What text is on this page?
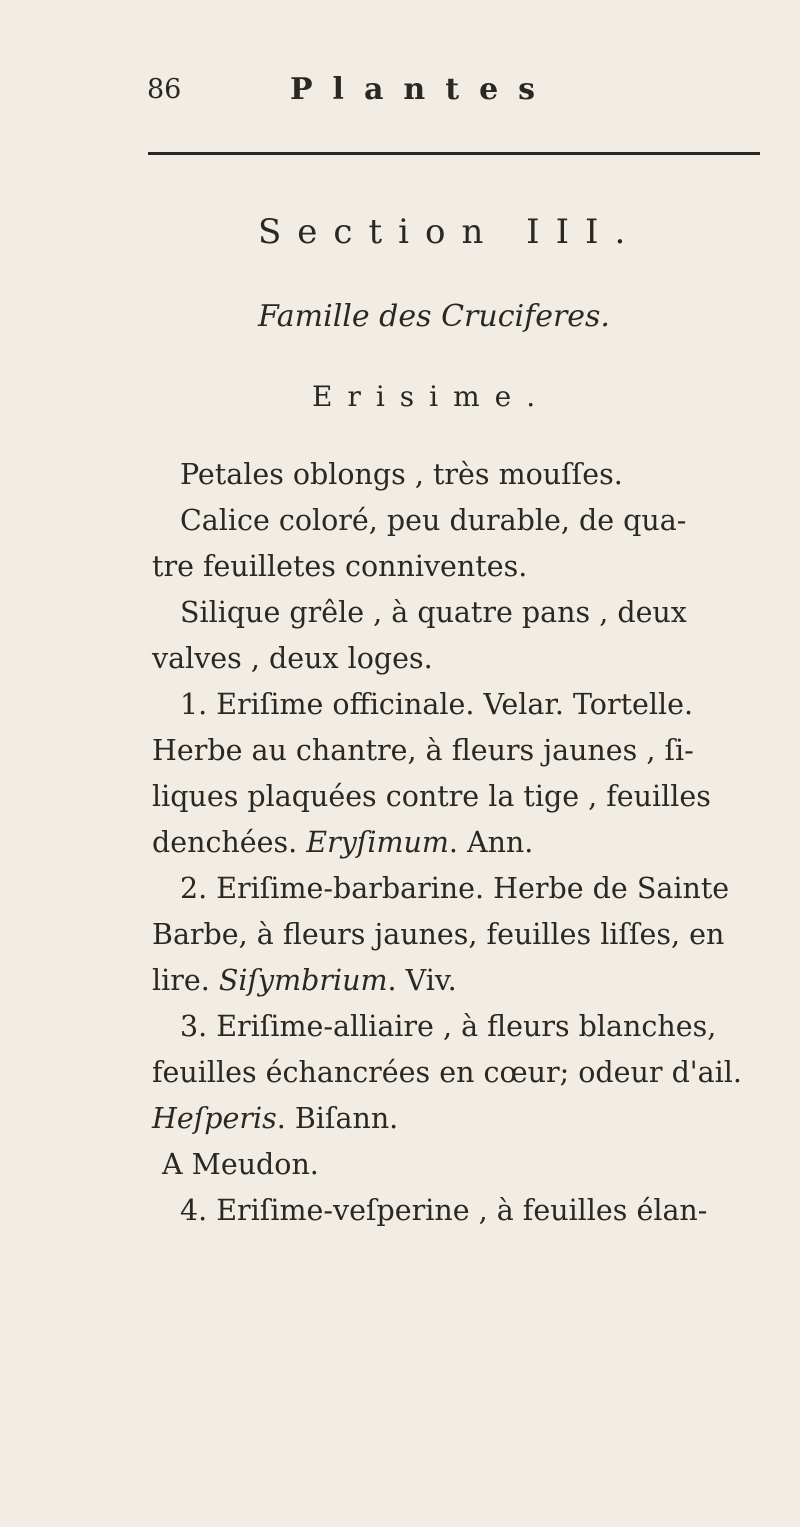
86	Plantes
Section III.
Famille des Cruciferes.
Erisime.

Petales oblongs , très mouſſes.

Calice coloré, peu durable, de qua-
tre feuilletes conniventes.

Silique grêle , à quatre pans , deux
valves , deux loges.

1. Eriſime officinale. Velar. Tortelle.
Herbe au chantre, à fleurs jaunes , ſi-
liques plaquées contre la tige , feuilles
denchées. Eryſimum. Ann.

2. Eriſime-barbarine. Herbe de Sainte
Barbe, à fleurs jaunes, feuilles liſſes, en
lire. Siſymbrium. Viv.

3. Eriſime-alliaire , à fleurs blanches,
feuilles échancrées en cœur; odeur d'ail.
Heſperis. Biſann.
A Meudon.

4. Eriſime-veſperine , à feuilles élan-
